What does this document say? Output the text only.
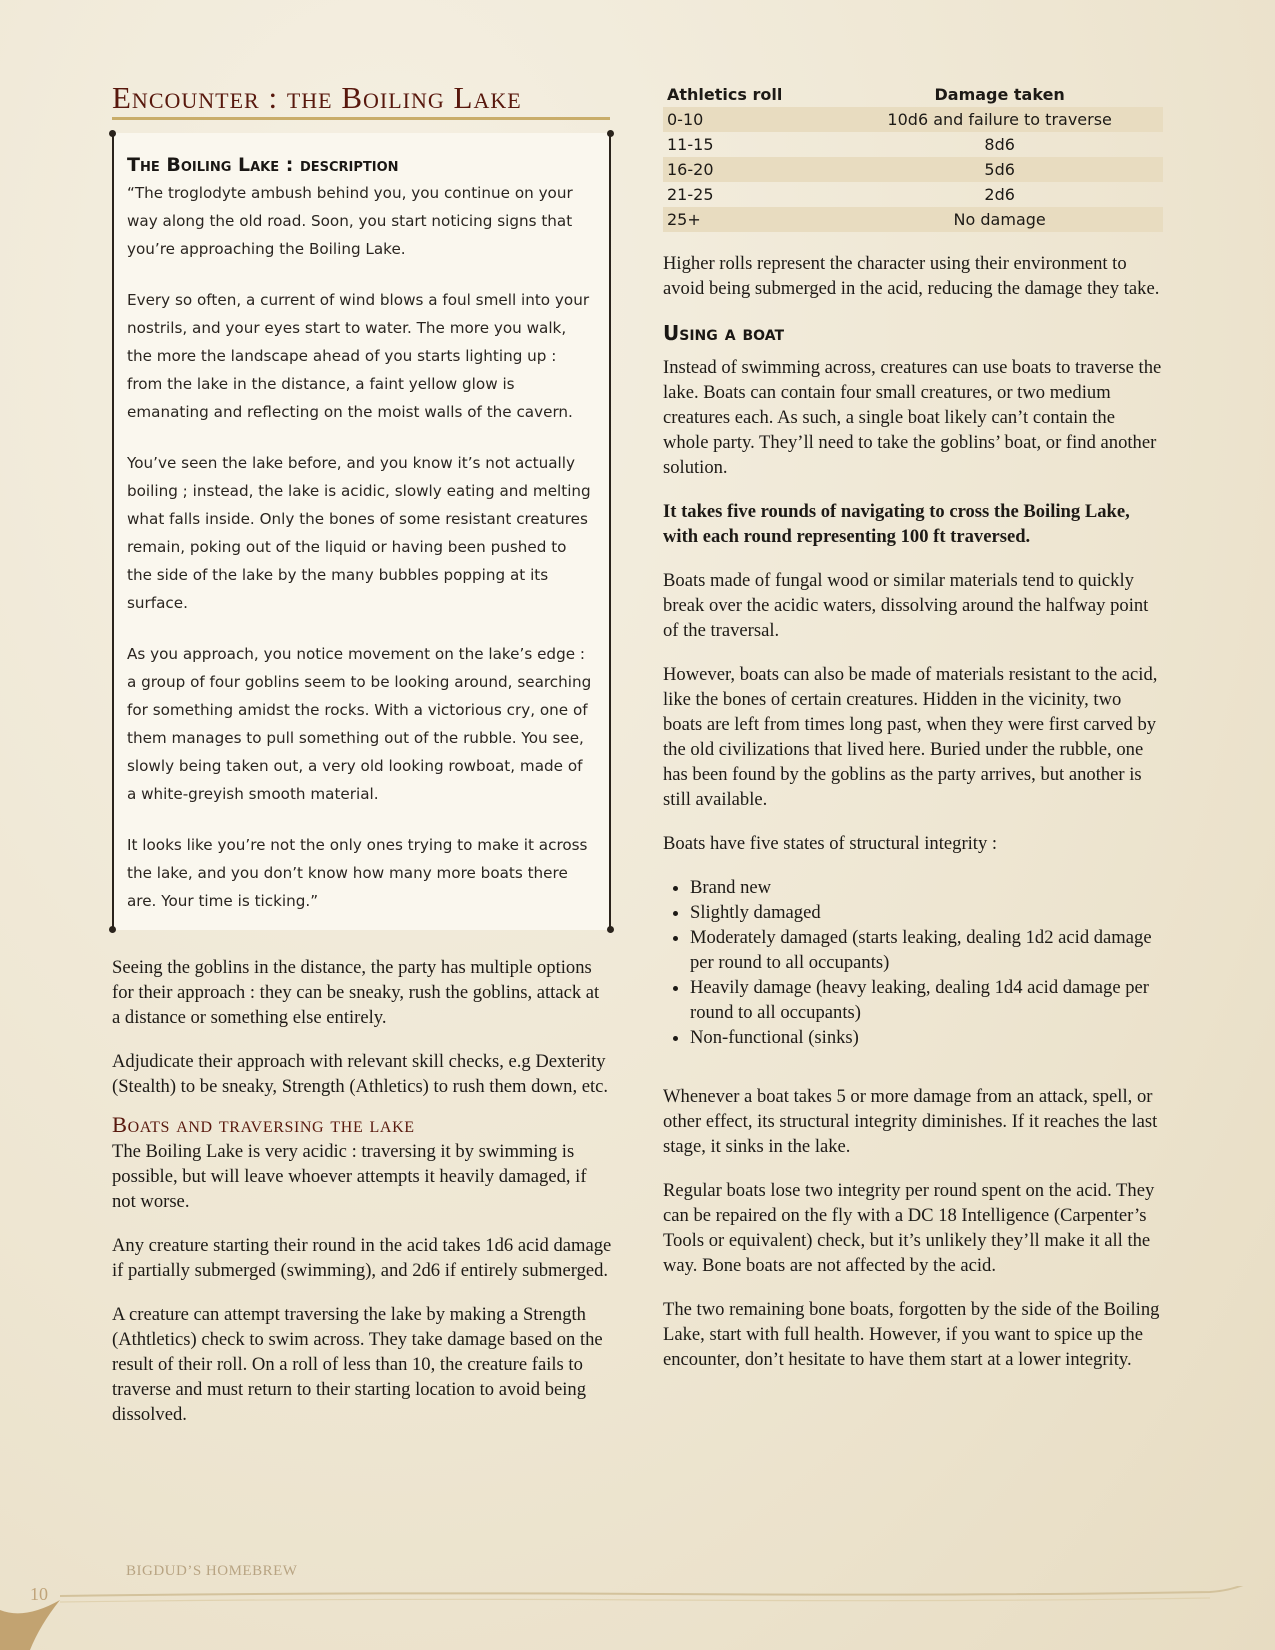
Encounter : the Boiling Lake
The Boiling Lake : description

“The troglodyte ambush behind you, you continue on your way along the old road. Soon, you start noticing signs that you’re approaching the Boiling Lake.

Every so often, a current of wind blows a foul smell into your nostrils, and your eyes start to water. The more you walk, the more the landscape ahead of you starts lighting up : from the lake in the distance, a faint yellow glow is emanating and reflecting on the moist walls of the cavern.

You’ve seen the lake before, and you know it’s not actually boiling ; instead, the lake is acidic, slowly eating and melting what falls inside. Only the bones of some resistant creatures remain, poking out of the liquid or having been pushed to the side of the lake by the many bubbles popping at its surface.

As you approach, you notice movement on the lake’s edge : a group of four goblins seem to be looking around, searching for something amidst the rocks. With a victorious cry, one of them manages to pull something out of the rubble. You see, slowly being taken out, a very old looking rowboat, made of a white-greyish smooth material.

It looks like you’re not the only ones trying to make it across the lake, and you don’t know how many more boats there are. Your time is ticking.”

Seeing the goblins in the distance, the party has multiple options for their approach : they can be sneaky, rush the goblins, attack at a distance or something else entirely.

Adjudicate their approach with relevant skill checks, e.g Dexterity (Stealth) to be sneaky, Strength (Athletics) to rush them down, etc.

Boats and traversing the lake

The Boiling Lake is very acidic : traversing it by swimming is possible, but will leave whoever attempts it heavily damaged, if not worse.

Any creature starting their round in the acid takes 1d6 acid damage if partially submerged (swimming), and 2d6 if entirely submerged.

A creature can attempt traversing the lake by making a Strength (Athtletics) check to swim across. They take damage based on the result of their roll. On a roll of less than 10, the creature fails to traverse and must return to their starting location to avoid being dissolved.

Athletics roll	Damage taken
0-10	10d6 and failure to traverse
11-15	8d6
16-20	5d6
21-25	2d6
25+	No damage

Higher rolls represent the character using their environment to avoid being submerged in the acid, reducing the damage they take.

Using a boat

Instead of swimming across, creatures can use boats to traverse the lake. Boats can contain four small creatures, or two medium creatures each. As such, a single boat likely can’t contain the whole party. They’ll need to take the goblins’ boat, or find another solution.

It takes five rounds of navigating to cross the Boiling Lake, with each round representing 100 ft traversed.

Boats made of fungal wood or similar materials tend to quickly break over the acidic waters, dissolving around the halfway point of the traversal.

However, boats can also be made of materials resistant to the acid, like the bones of certain creatures. Hidden in the vicinity, two boats are left from times long past, when they were first carved by the old civilizations that lived here. Buried under the rubble, one has been found by the goblins as the party arrives, but another is still available.

Boats have five states of structural integrity :

• Brand new
• Slightly damaged
• Moderately damaged (starts leaking, dealing 1d2 acid damage per round to all occupants)
• Heavily damage (heavy leaking, dealing 1d4 acid damage per round to all occupants)
• Non-functional (sinks)

Whenever a boat takes 5 or more damage from an attack, spell, or other effect, its structural integrity diminishes. If it reaches the last stage, it sinks in the lake.

Regular boats lose two integrity per round spent on the acid. They can be repaired on the fly with a DC 18 Intelligence (Carpenter’s Tools or equivalent) check, but it’s unlikely they’ll make it all the way. Bone boats are not affected by the acid.

The two remaining bone boats, forgotten by the side of the Boiling Lake, start with full health. However, if you want to spice up the encounter, don’t hesitate to have them start at a lower integrity.

BIGDUD’S HOMEBREW
10
